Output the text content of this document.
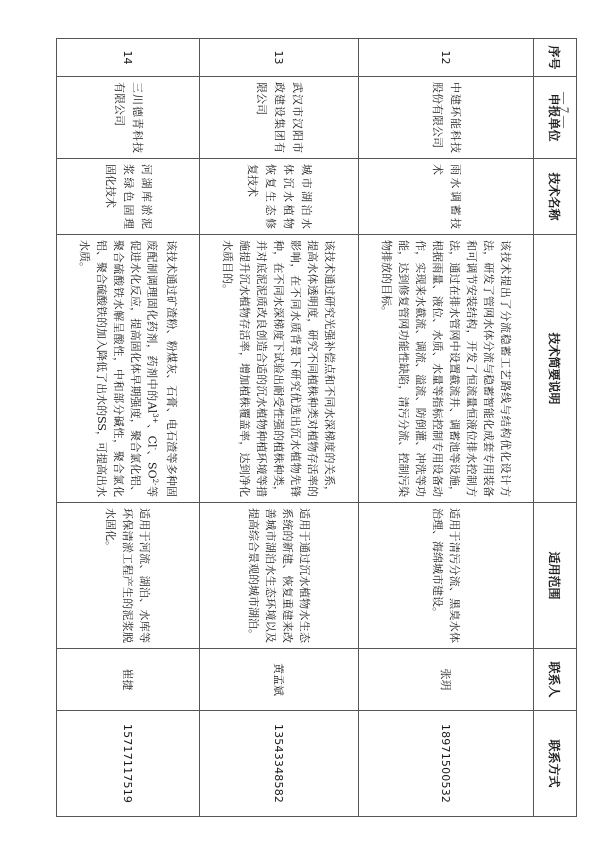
序号	申报单位	技术名称	技术简要说明	适用范围	联系人	联系方式
12	中建环能科技股份有限公司	雨水调蓄技术	该技术提出了分流稳蓄工艺路线与结构优化设计方法，研发了管网水体分流与稳蓄智能化成套专用装备和可调节安装结构，开发了恒流量恒液位排水控制方法，通过在排水管网中设置截流井、调蓄池等设施，根据雨量、液位、水质、水量等指标控制专用设备动作，实现来水截流、调流、溢流、防倒灌、冲洗等功能，达到修复管网功能性缺陷，清污分流、控制污染物排放的目标。	适用于清污分流、黑臭水体治理、海绵城市建设。	张玥	18971500532
13	武汉市汉阳市政建设集团有限公司	城市湖泊水体沉水植物恢复生态修复技术	该技术通过研究光强补偿点和不同水深梯度的关系，提高水体透明度，研究不同植株种类对植物存活率的影响，在不同水质背景下研究优选出沉水植物先锋种，在不同水深梯度下试验出耐受性强的植株种类，并对底泥泥质改良创造合适的沉水植物种植环境等措施提升沉水植物存活率，增加植株覆盖率，达到净化水质目的。	适用于通过沉水植物水生态系统的新建、恢复重建来改善城市湖泊水生态环境以及提高综合景观的城市湖泊。	黄孟斌	13543348582
14	三川德青科技有限公司	河湖库淤泥浆绿色固理固化技术	该技术通过矿渣粉、粉煤灰、石膏、电石渣等多种固废配制调理固化药剂，药剂中的$Al^{3+}$、Cl-、$SO^{2-}$等促进水化反应，提高固化体早期强度，聚合氯化铝、聚合硫酸铁水解呈酸性，中和部分碱性，聚合氯化铝、聚合硫酸铁的加入降低了出水的SS，可提高出水水质。	适用于河流、湖泊、水库等环保清淤工程产生的泥浆脱水固化。	崔捷	15717117519
— 7 —
